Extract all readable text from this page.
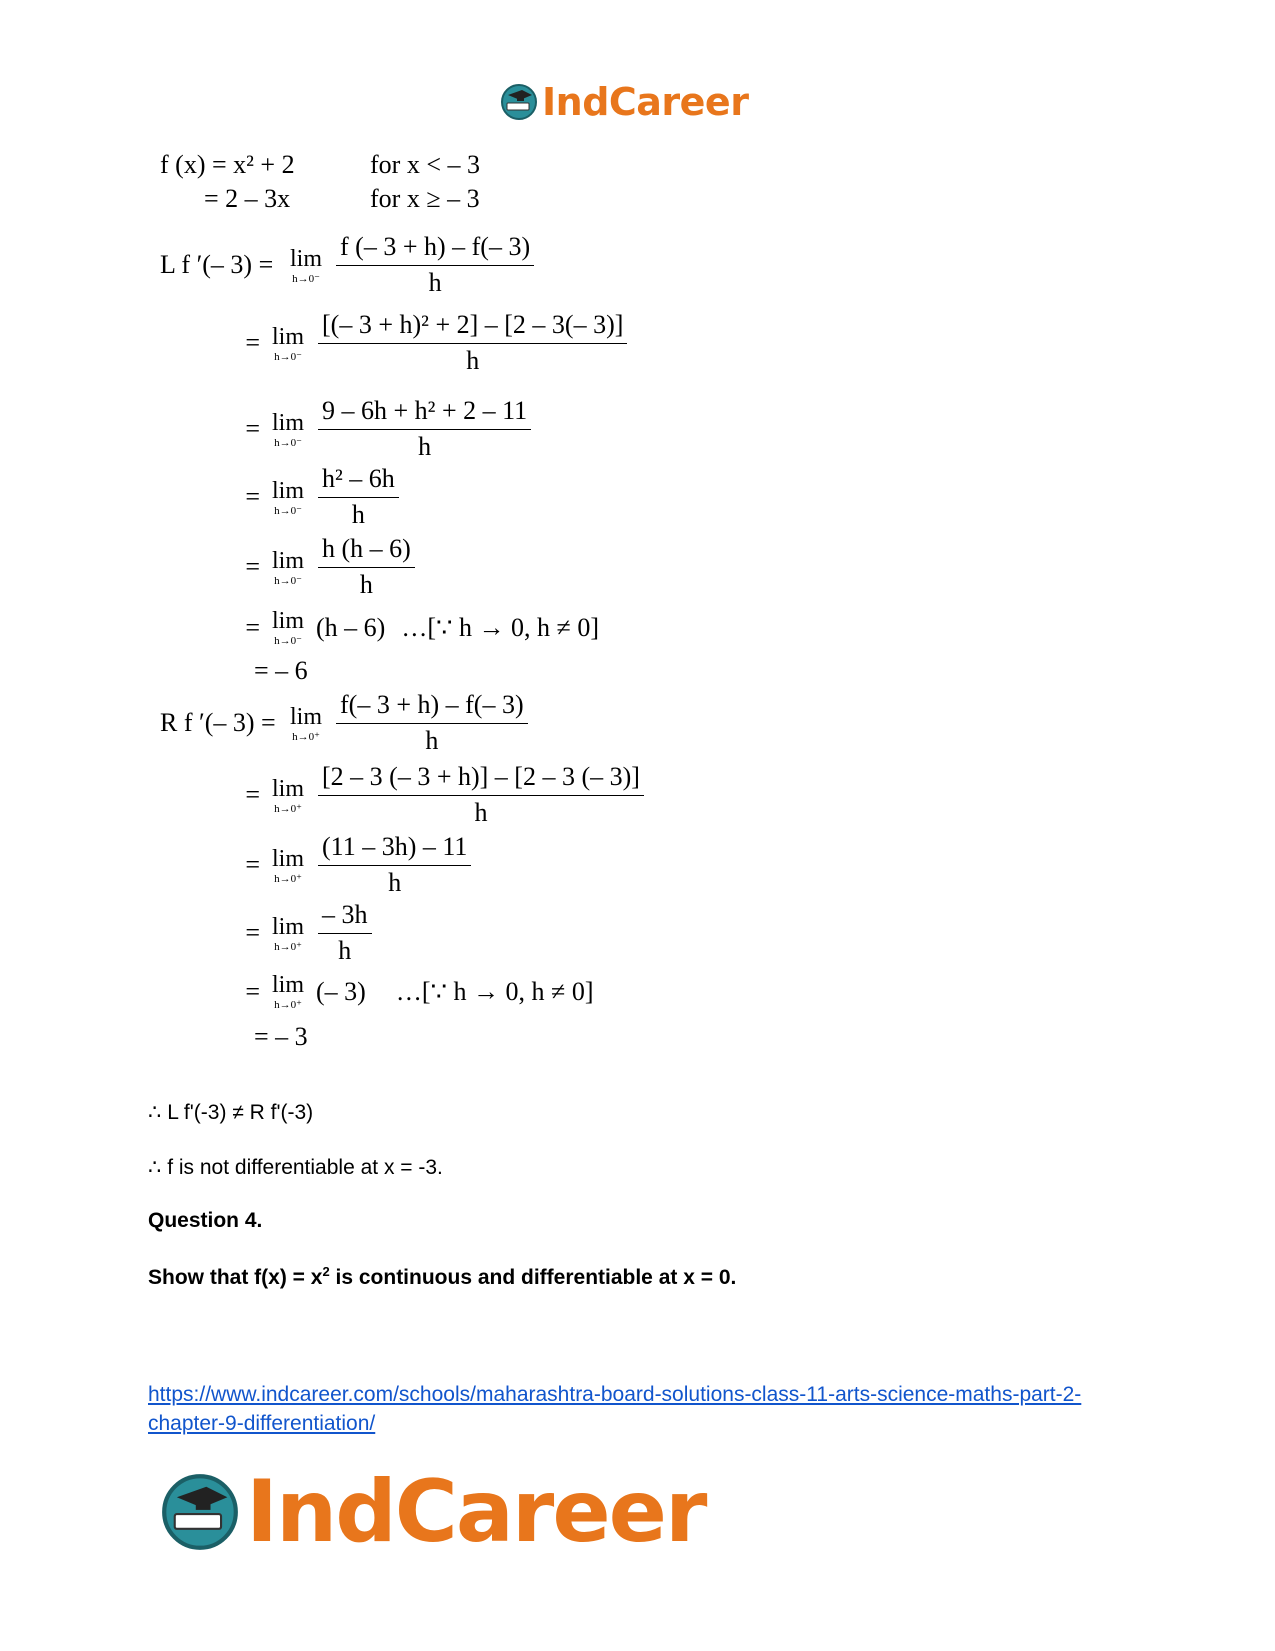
IndCareer
f (x) = x² + 2	for x < – 3
= 2 – 3x	for x ≥ – 3
L f ′(– 3) = lim
$h\to 0^- \frac{f (- 3 + h) - f(- 3)}{h}$
= lim
$h\to 0^- \frac{\text{[(– 3 + h)² + 2] – [2 – 3(– 3)]}}{h}$
= lim
$h\to 0^- \frac{\text{9 – 6h + h² + 2 – 11}}{h}$
= lim
$h\to 0^- \frac{\text{h² – 6h}}{h}$
= lim
$h\to 0^- \frac{h (h - 6)}{h}$
= lim
h→0⁻ (h – 6) …[∵ h → 0, h ≠ 0]
= – 6
R f ′(– 3) = lim
$h\to 0^+ \frac{f(- 3 + h) - f(- 3)}{h}$
= lim
$h\to 0^+ \frac{[2 - 3 (- 3 + h)] - [2 - 3 (- 3)]}{h}$
= lim
$h\to 0^+ \frac{(11 - 3h) - 11}{h}$
= lim
$h\to 0^+ \frac{- 3h}{h}$
= lim
h→0⁺ (– 3) …[∵ h → 0, h ≠ 0]
= – 3
∴ L f'(-3) ≠ R f'(-3)
∴ f is not differentiable at x = -3.
Question 4.
Show that $f(x) = x^2$ is continuous and differentiable at x = 0.
https://www.indcareer.com/schools/maharashtra-board-solutions-class-11-arts-science-maths-part-2-chapter-9-differentiation/
IndCareer
